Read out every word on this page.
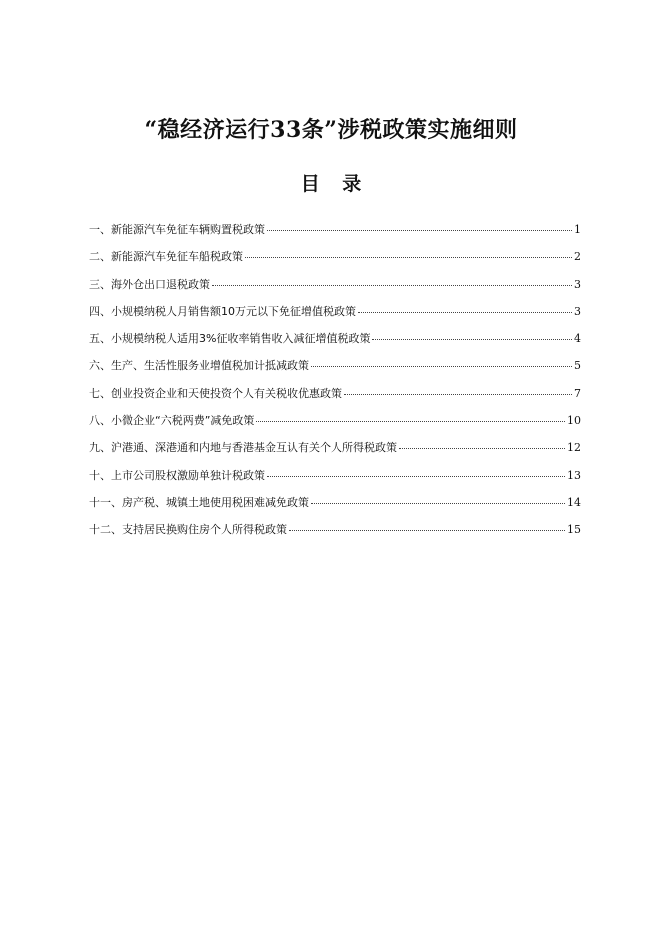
“稳经济运行33条”涉税政策实施细则
目 录
一、新能源汽车免征车辆购置税政策	1
二、新能源汽车免征车船税政策	2
三、海外仓出口退税政策	3
四、小规模纳税人月销售额10万元以下免征增值税政策	3
五、小规模纳税人适用3%征收率销售收入减征增值税政策	4
六、生产、生活性服务业增值税加计抵减政策	5
七、创业投资企业和天使投资个人有关税收优惠政策	7
八、小微企业“六税两费”减免政策	10
九、沪港通、深港通和内地与香港基金互认有关个人所得税政策	12
十、上市公司股权激励单独计税政策	13
十一、房产税、城镇土地使用税困难减免政策	14
十二、支持居民换购住房个人所得税政策	15
